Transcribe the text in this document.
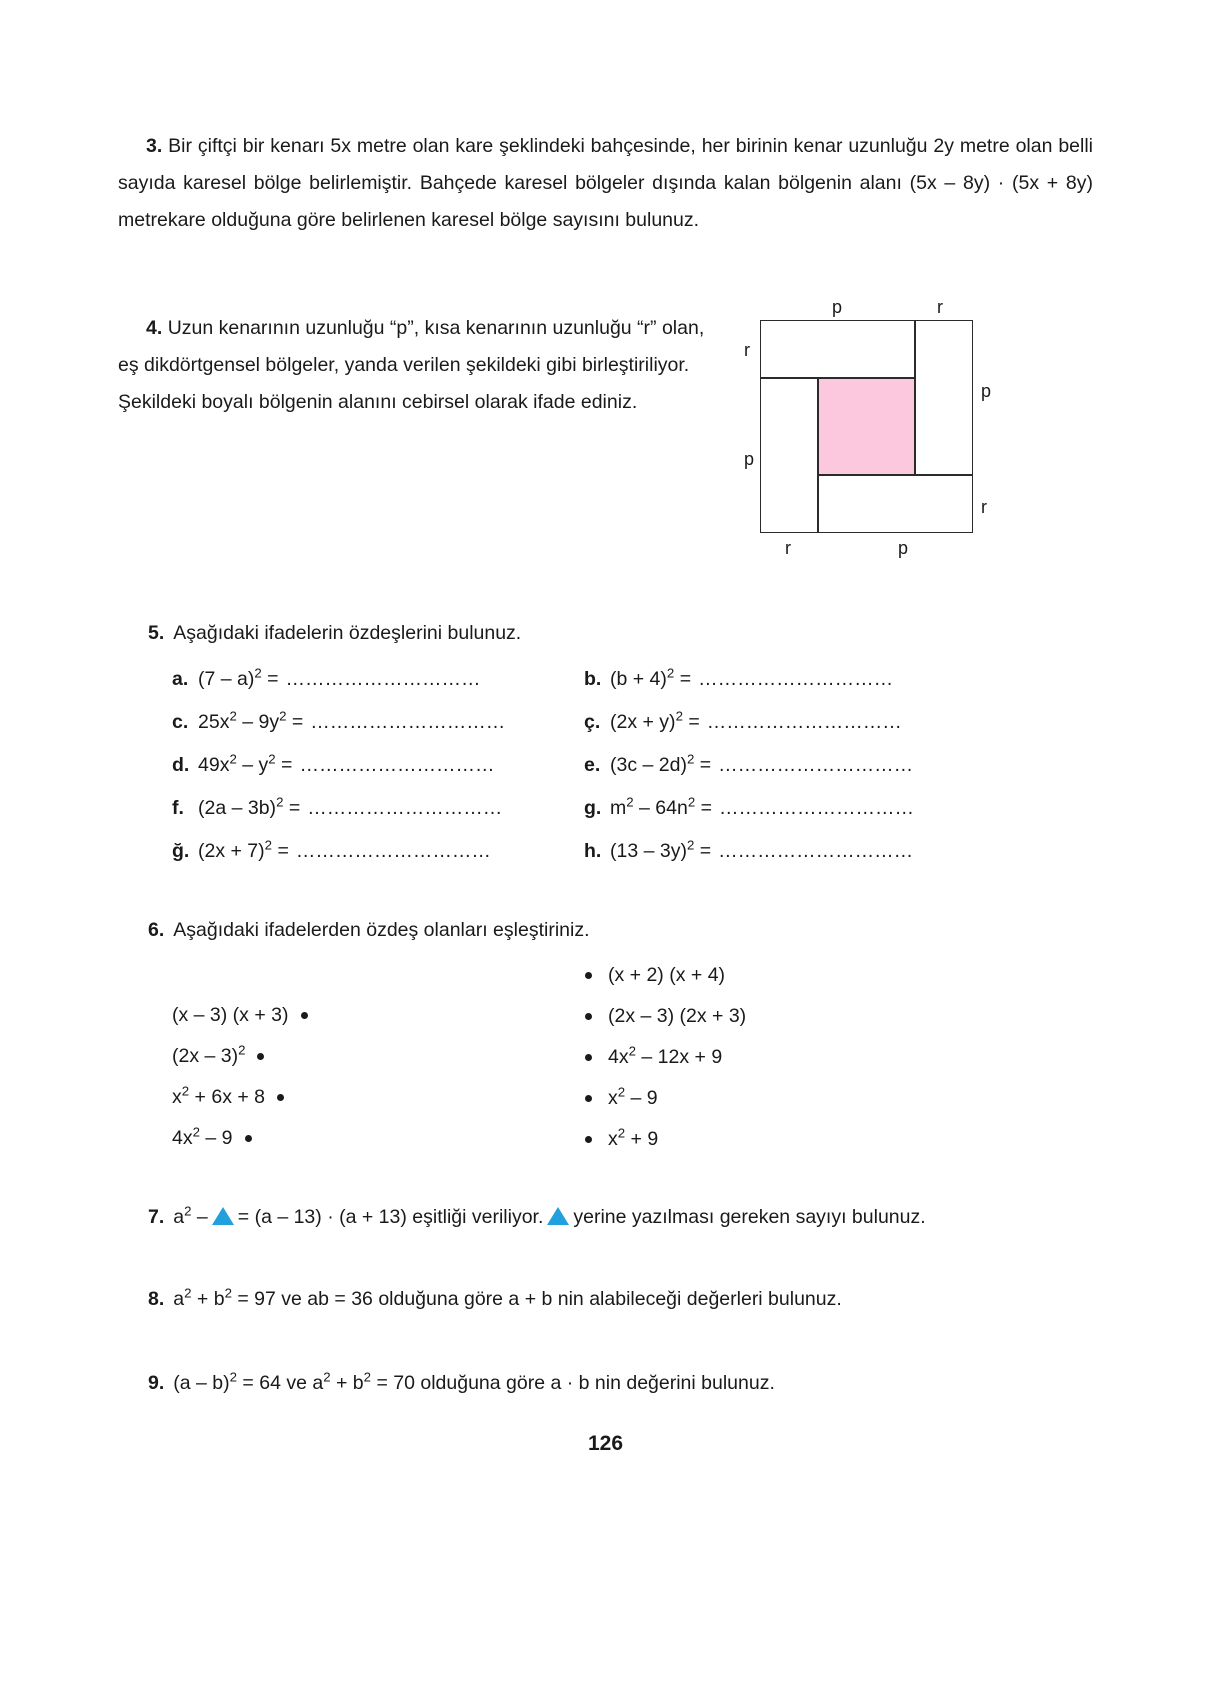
3. Bir çiftçi bir kenarı 5x metre olan kare şeklindeki bahçesinde, her birinin kenar uzunluğu 2y metre olan belli sayıda karesel bölge belirlemiştir. Bahçede karesel bölgeler dışında kalan bölgenin alanı (5x – 8y) · (5x + 8y) metrekare olduğuna göre belirlenen karesel bölge sayısını bulunuz.
4. Uzun kenarının uzunluğu “p”, kısa kenarının uzunluğu “r” olan,
eş dikdörtgensel bölgeler, yanda verilen şekildeki gibi birleştiriliyor.
Şekildeki boyalı bölgenin alanını cebirsel olarak ifade ediniz.
p	r
r
p
p
r
r	p
5. Aşağıdaki ifadelerin özdeşlerini bulunuz.
a. (7 – a)$^2$ = …………………………	b. $(b + 4)^2$ = …………………………
c. $25x^2 - 9y^2$ = …………………………	ç. $(2x + y)^2$ = …………………………
d. $49x^2 - y^2$ = …………………………	e. (3c – 2d)$^2$ = …………………………
f. (2a – 3b)$^2$ = …………………………	g. $m^2 - 64n^2$ = …………………………
ğ. $(2x + 7)^2$ = …………………………	h. (13 – 3y)$^2$ = …………………………
6. Aşağıdaki ifadelerden özdeş olanları eşleştiriniz.
(x – 3) (x + 3)
(2x – 3)$^2$
$x^2 + 6x + 8$
$4x^2 - 9$
(x + 2) (x + 4)
(2x – 3) (2x + 3)
$4x^2 - 12x + 9$
$x^2 - 9$
$x^2 + 9$
7. $a^2$ – = (a – 13) · (a + 13) eşitliği veriliyor. yerine yazılması gereken sayıyı bulunuz.
8. $a^2 + b^2 = 97$ ve ab = 36 olduğuna göre a + b nin alabileceği değerleri bulunuz.
9. (a – b)$^2$ = 64 ve $a^2 + b^2 = 70$ olduğuna göre a · b nin değerini bulunuz.
126
